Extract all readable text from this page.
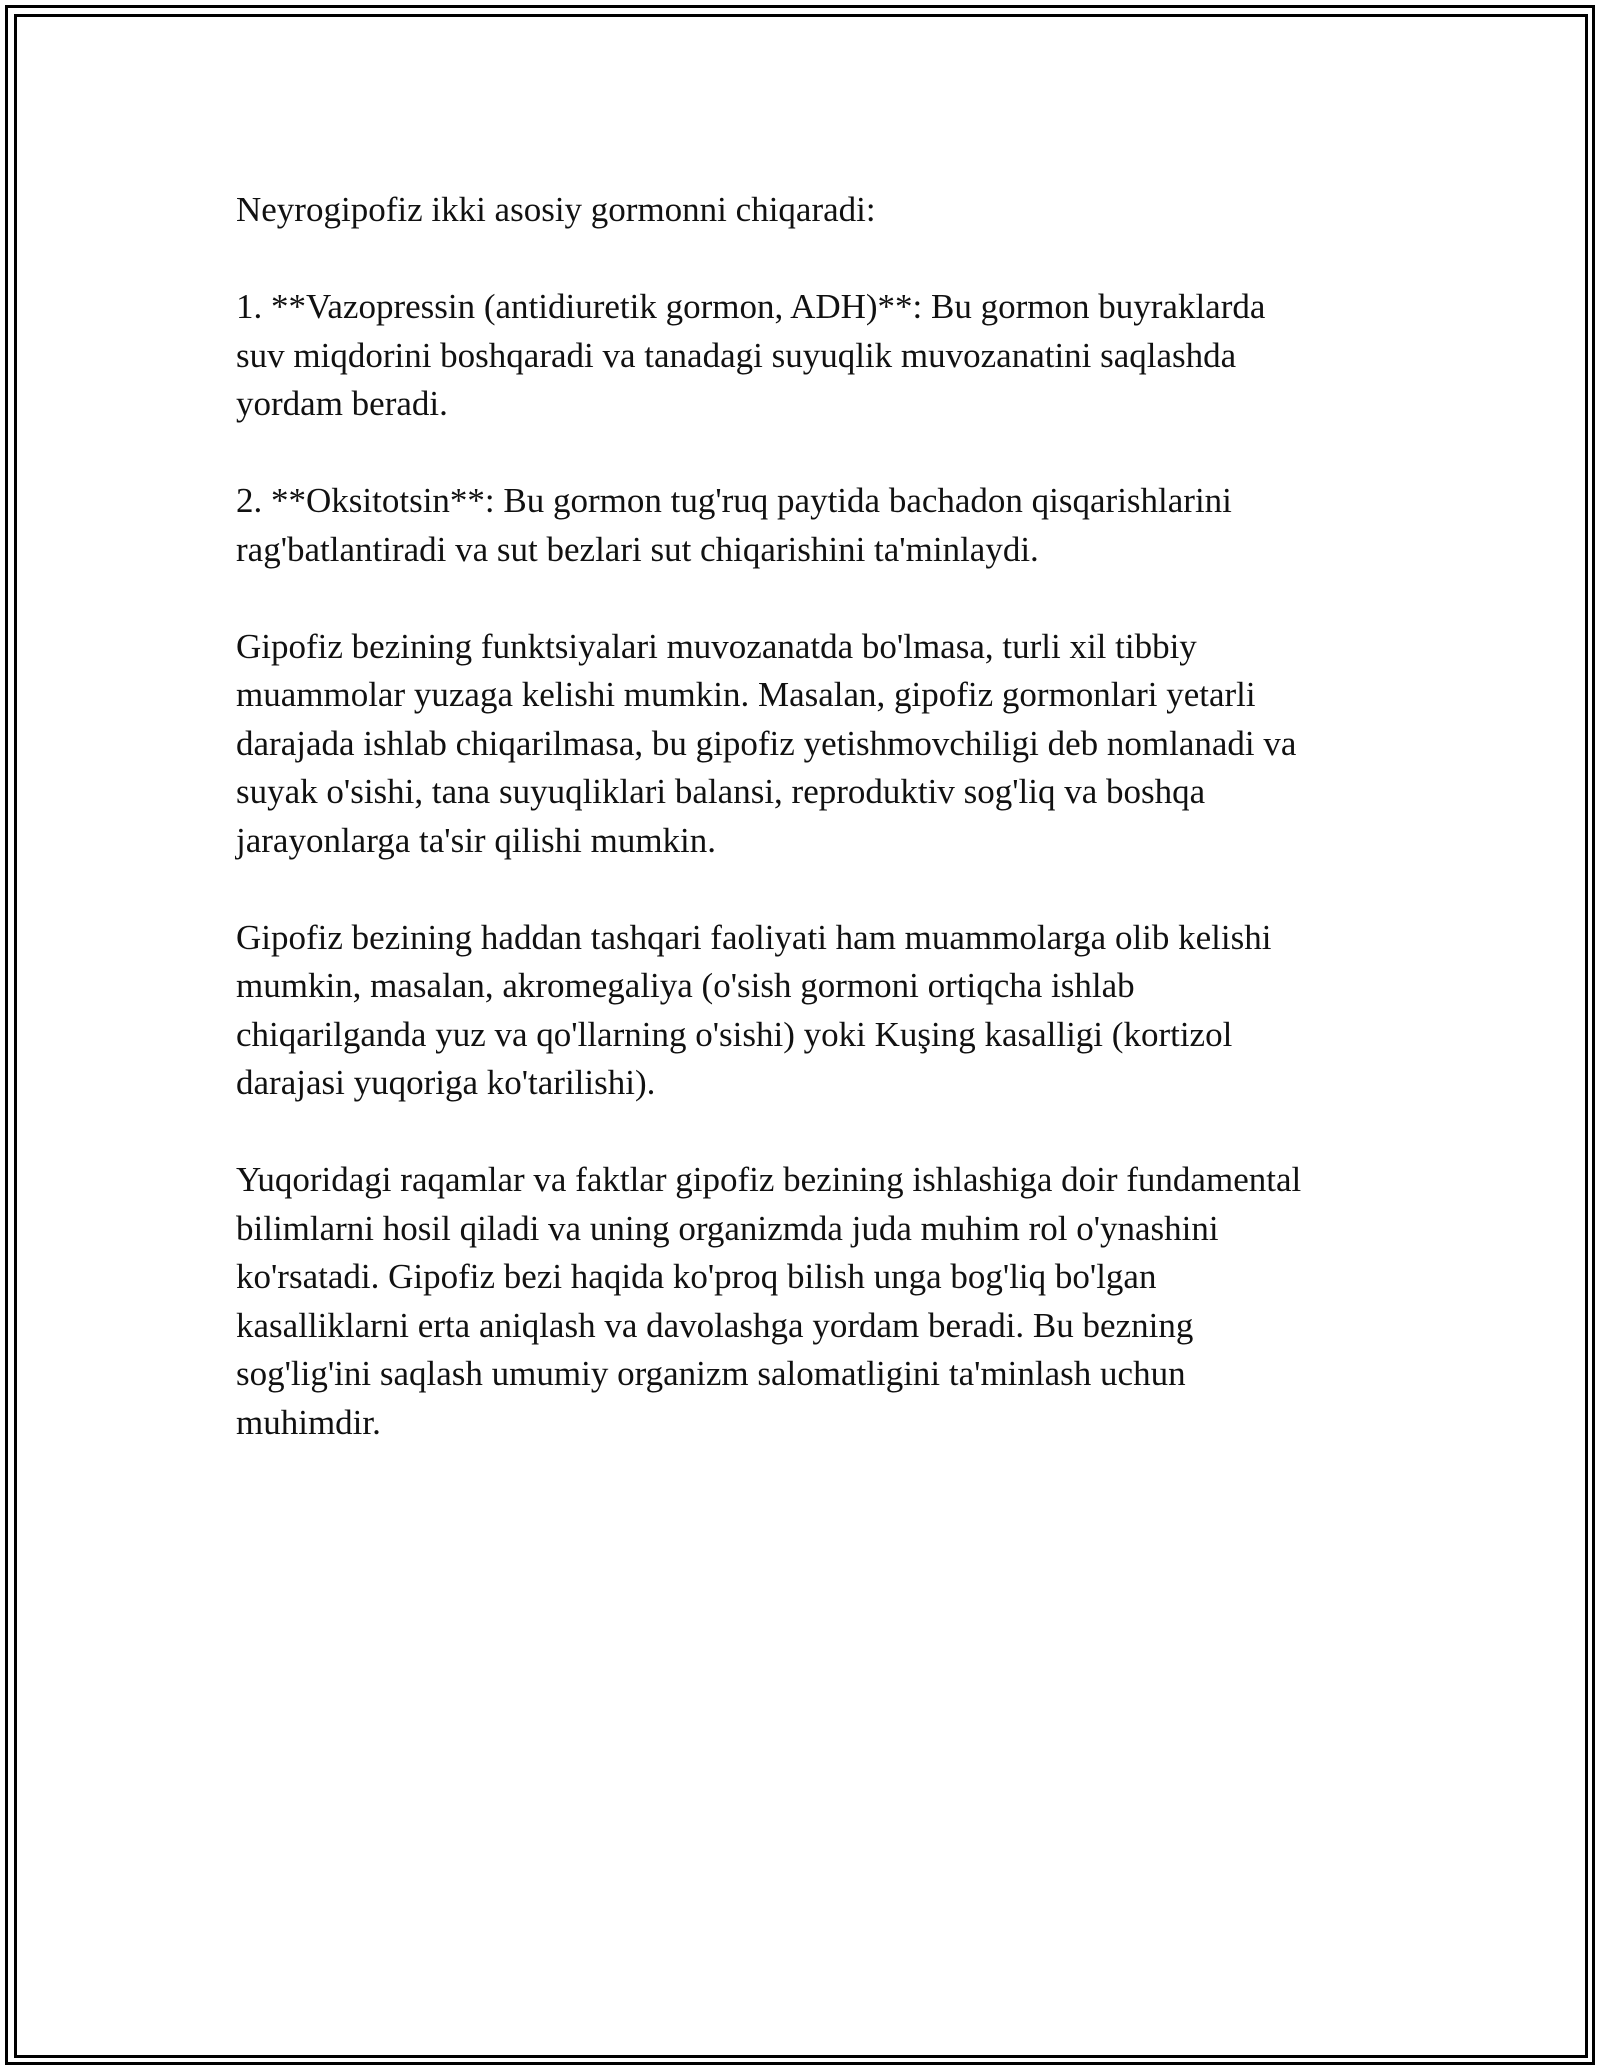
Neyrogipofiz ikki asosiy gormonni chiqaradi:

1. **Vazopressin (antidiuretik gormon, ADH)**: Bu gormon buyraklarda
suv miqdorini boshqaradi va tanadagi suyuqlik muvozanatini saqlashda
yordam beradi.

2. **Oksitotsin**: Bu gormon tug'ruq paytida bachadon qisqarishlarini
rag'batlantiradi va sut bezlari sut chiqarishini ta'minlaydi.

Gipofiz bezining funktsiyalari muvozanatda bo'lmasa, turli xil tibbiy
muammolar yuzaga kelishi mumkin. Masalan, gipofiz gormonlari yetarli
darajada ishlab chiqarilmasa, bu gipofiz yetishmovchiligi deb nomlanadi va
suyak o'sishi, tana suyuqliklari balansi, reproduktiv sog'liq va boshqa
jarayonlarga ta'sir qilishi mumkin.

Gipofiz bezining haddan tashqari faoliyati ham muammolarga olib kelishi
mumkin, masalan, akromegaliya (o'sish gormoni ortiqcha ishlab
chiqarilganda yuz va qo'llarning o'sishi) yoki Kuşing kasalligi (kortizol
darajasi yuqoriga ko'tarilishi).

Yuqoridagi raqamlar va faktlar gipofiz bezining ishlashiga doir fundamental
bilimlarni hosil qiladi va uning organizmda juda muhim rol o'ynashini
ko'rsatadi. Gipofiz bezi haqida ko'proq bilish unga bog'liq bo'lgan
kasalliklarni erta aniqlash va davolashga yordam beradi. Bu bezning
sog'lig'ini saqlash umumiy organizm salomatligini ta'minlash uchun
muhimdir.
